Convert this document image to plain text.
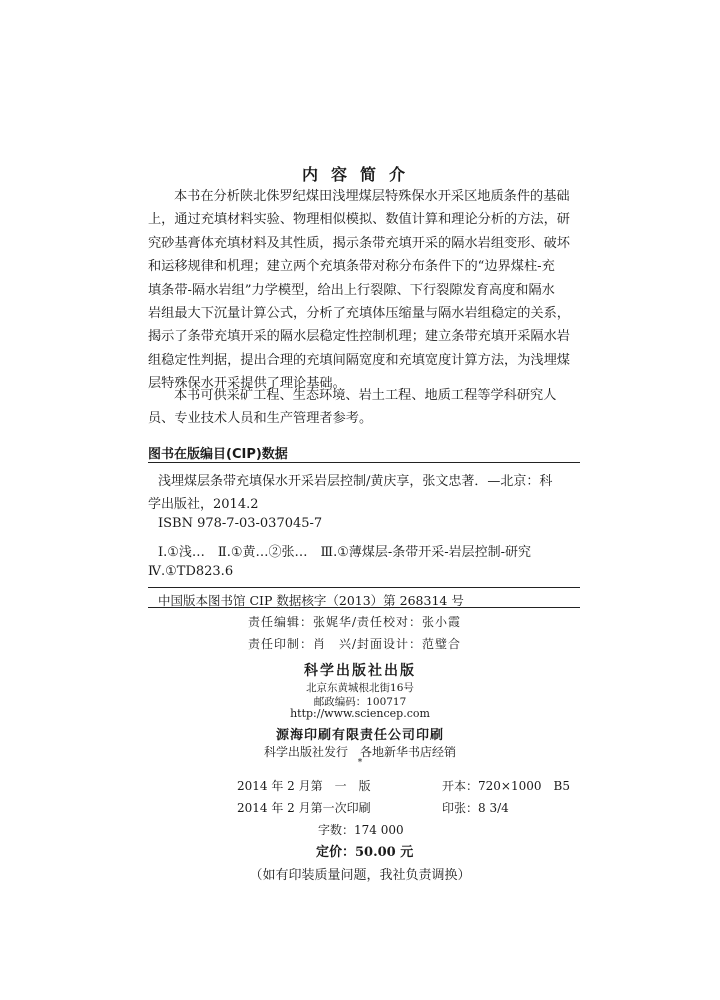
内容简介
本书在分析陕北侏罗纪煤田浅埋煤层特殊保水开采区地质条件的基础
上，通过充填材料实验、物理相似模拟、数值计算和理论分析的方法，研
究砂基膏体充填材料及其性质，揭示条带充填开采的隔水岩组变形、破坏
和运移规律和机理；建立两个充填条带对称分布条件下的“边界煤柱-充
填条带-隔水岩组”力学模型，给出上行裂隙、下行裂隙发育高度和隔水
岩组最大下沉量计算公式，分析了充填体压缩量与隔水岩组稳定的关系，
揭示了条带充填开采的隔水层稳定性控制机理；建立条带充填开采隔水岩
组稳定性判据，提出合理的充填间隔宽度和充填宽度计算方法，为浅埋煤
层特殊保水开采提供了理论基础。
本书可供采矿工程、生态环境、岩土工程、地质工程等学科研究人
员、专业技术人员和生产管理者参考。
图书在版编目(CIP)数据
浅埋煤层条带充填保水开采岩层控制/黄庆享，张文忠著．—北京：科
学出版社，2014.2
ISBN 978-7-03-037045-7
Ⅰ.①浅…　Ⅱ.①黄…②张…　Ⅲ.①薄煤层-条带开采-岩层控制-研究
Ⅳ.①TD823.6
中国版本图书馆 CIP 数据核字（2013）第 268314 号
责任编辑：张娓华/责任校对：张小霞
责任印制：肖　兴/封面设计：范璧合
科学出版社出版
北京东黄城根北街16号
邮政编码：100717
http://www.sciencep.com
源海印刷有限责任公司印刷
科学出版社发行　各地新华书店经销
*
2014 年 2 月第　一　版	开本：720×1000　B5
2014 年 2 月第一次印刷	印张：8 3/4
字数：174 000
定价：50.00 元
（如有印装质量问题，我社负责调换）
